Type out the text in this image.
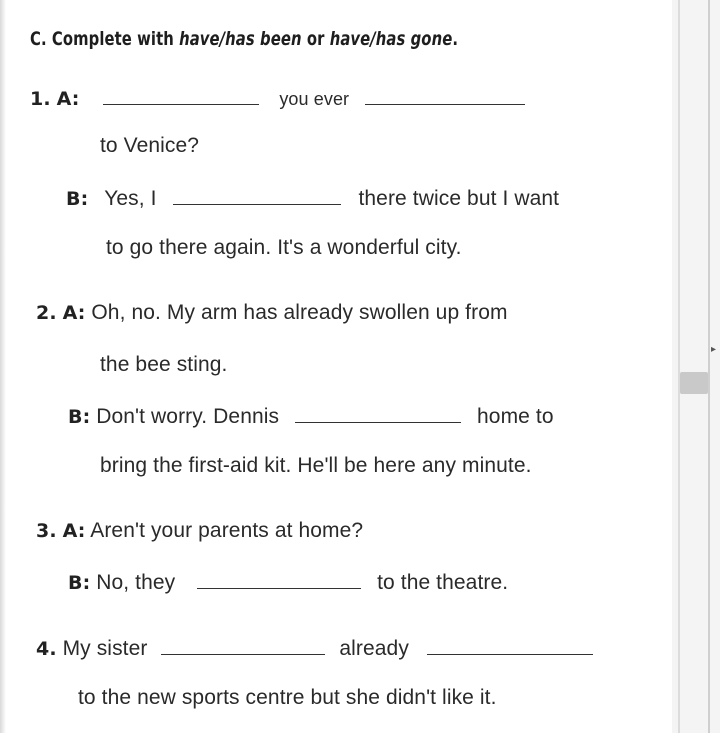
C. Complete with have/has been or have/has gone.
1. A:	you ever
to Venice?
B: Yes, I	there twice but I want
to go there again. It's a wonderful city.
2. A: Oh, no. My arm has already swollen up from
the bee sting.
B: Don't worry. Dennis	home to
bring the first-aid kit. He'll be here any minute.
3. A: Aren't your parents at home?
B: No, they	to the theatre.
4. My sister	already
to the new sports centre but she didn't like it.
▸
